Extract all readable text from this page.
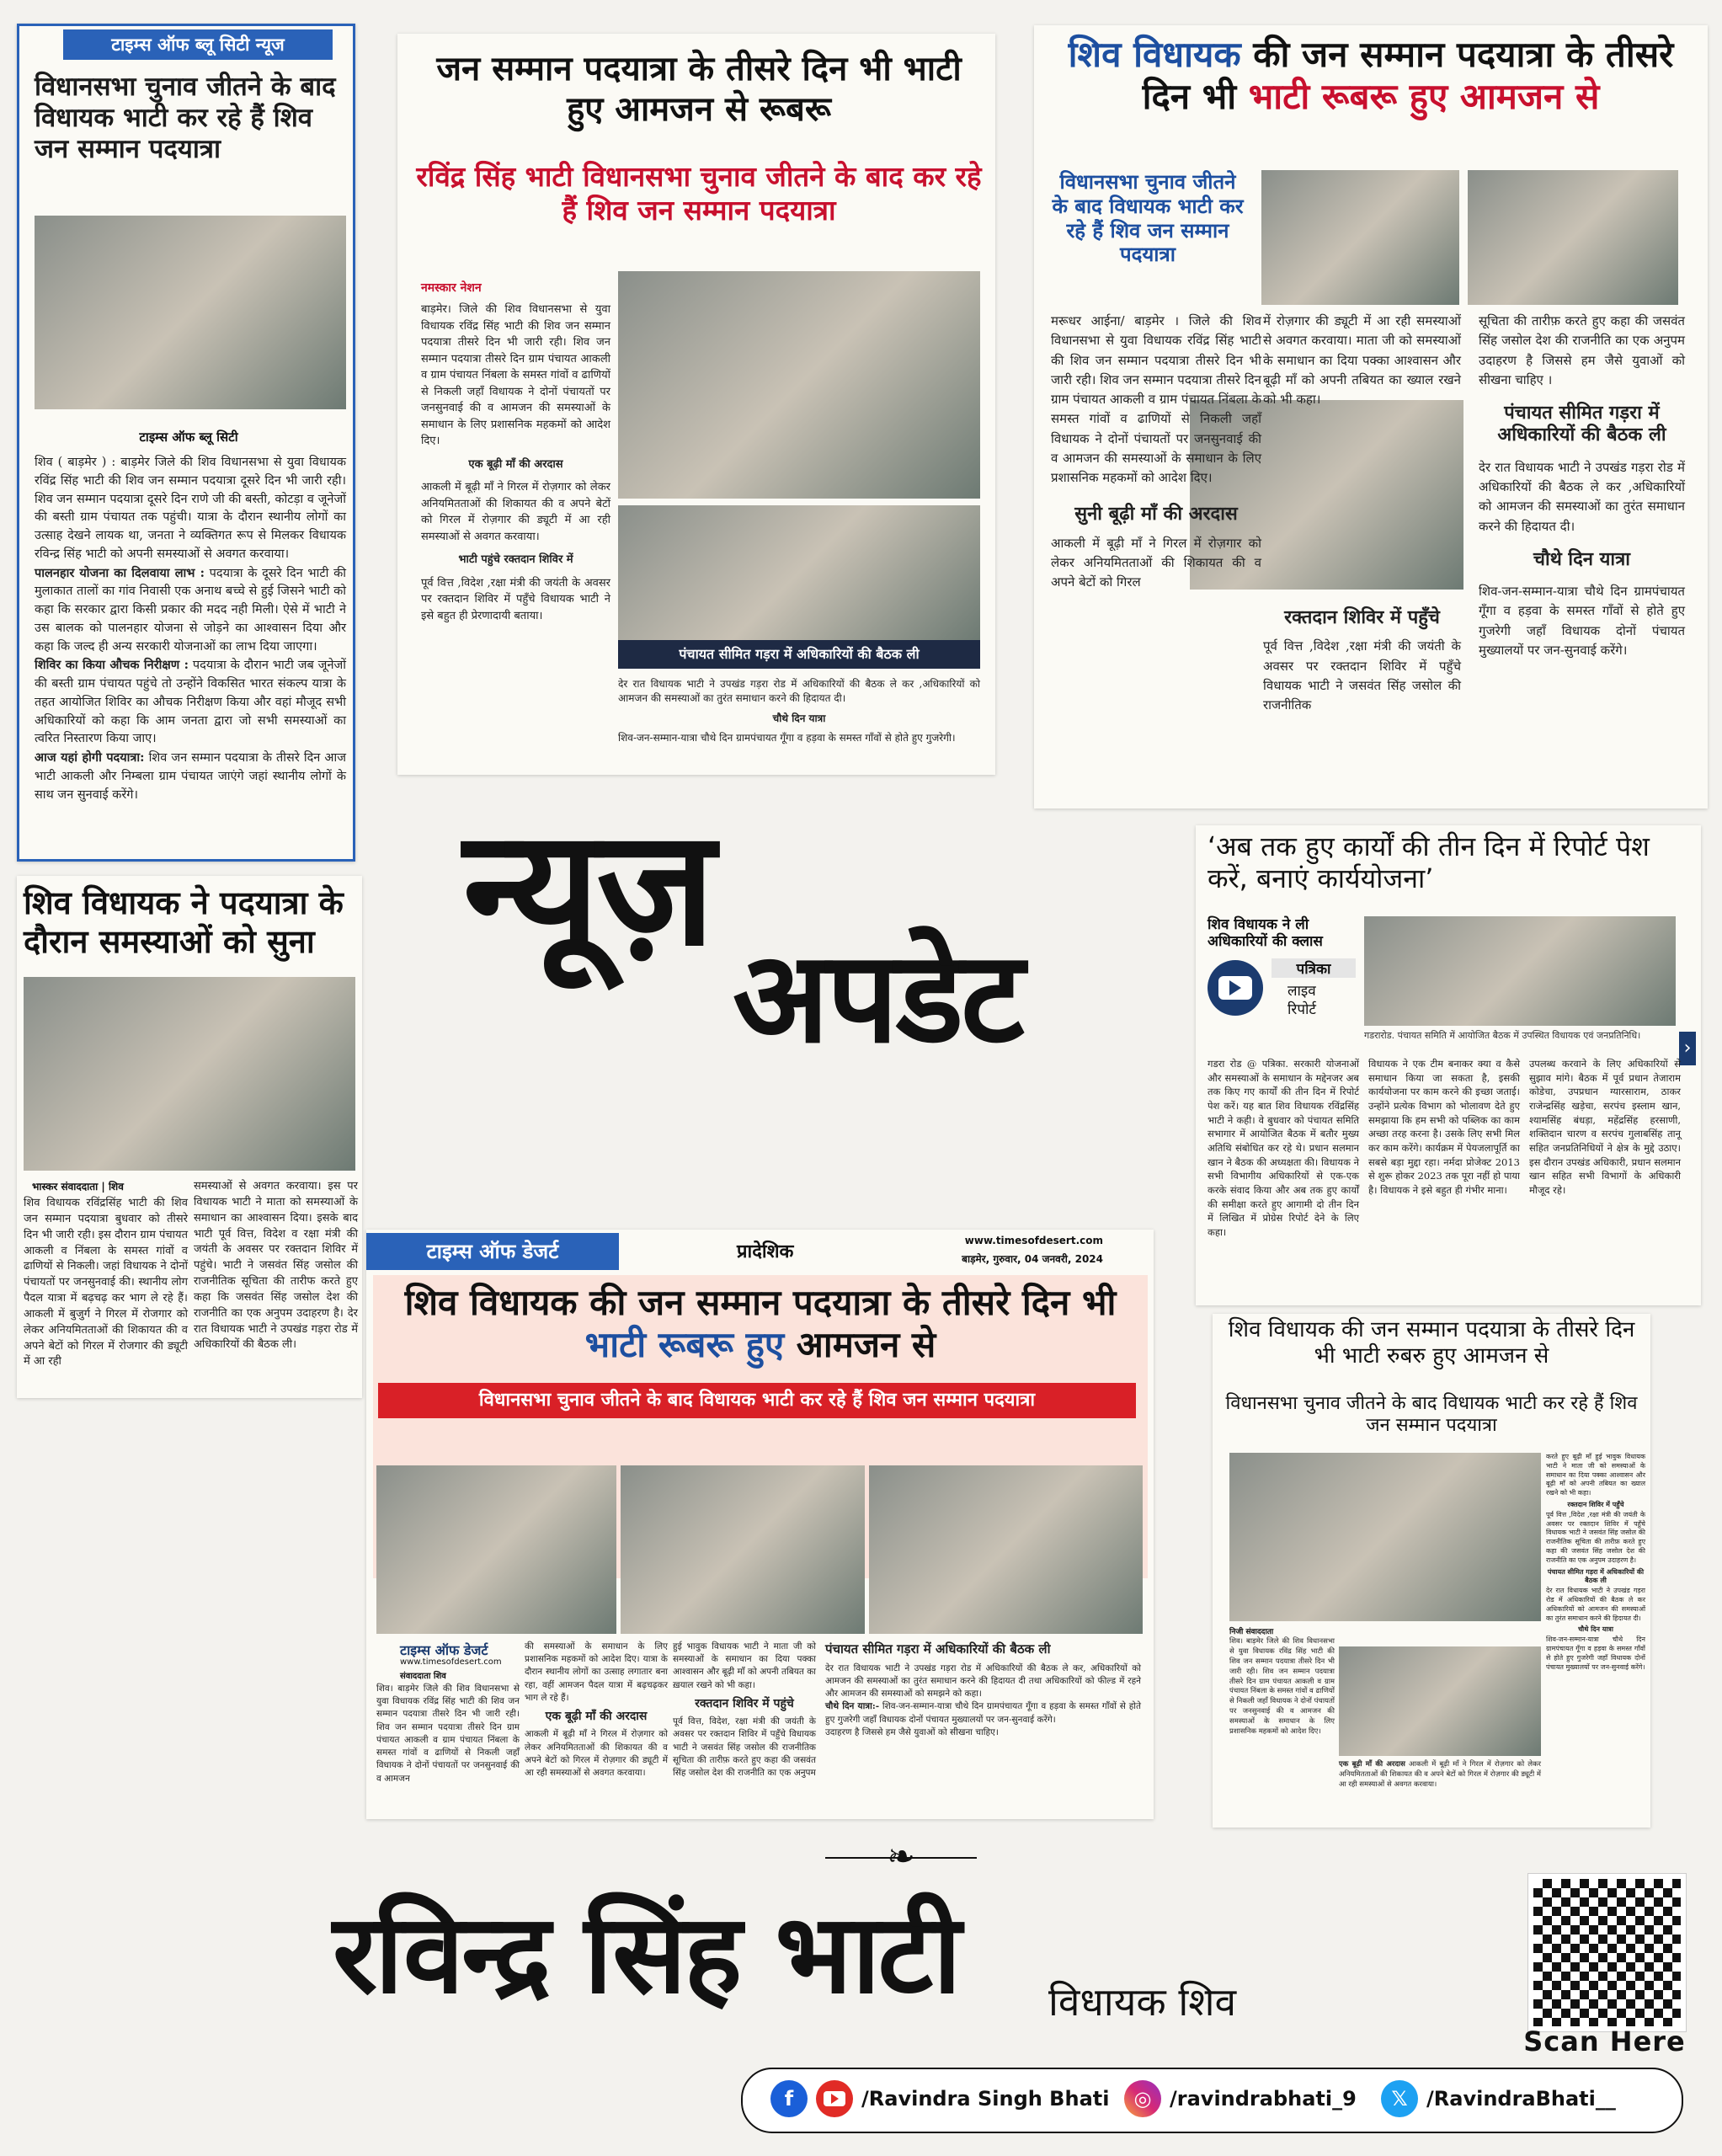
टाइम्स ऑफ ब्लू सिटी न्यूज
विधानसभा चुनाव जीतने के बाद विधायक भाटी कर रहे हैं शिव जन सम्मान पदयात्रा
टाइम्स ऑफ ब्लू सिटी
शिव ( बाड़मेर ) : बाड़मेर जिले की शिव विधानसभा से युवा विधायक रविंद्र सिंह भाटी की शिव जन सम्मान पदयात्रा दूसरे दिन भी जारी रही। शिव जन सम्मान पदयात्रा दूसरे दिन राणे जी की बस्ती, कोटड़ा व जूनेजों की बस्ती ग्राम पंचायत तक पहुंची। यात्रा के दौरान स्थानीय लोगों का उत्साह देखने लायक था, जनता ने व्यक्तिगत रूप से मिलकर विधायक रविन्द्र सिंह भाटी को अपनी समस्याओं से अवगत करवाया।
पालनहार योजना का दिलवाया लाभ : पदयात्रा के दूसरे दिन भाटी की मुलाकात तालों का गांव निवासी एक अनाथ बच्चे से हुई जिसने भाटी को कहा कि सरकार द्वारा किसी प्रकार की मदद नही मिली। ऐसे में भाटी ने उस बालक को पालनहार योजना से जोड़ने का आश्वासन दिया और कहा कि जल्द ही अन्य सरकारी योजनाओं का लाभ दिया जाएगा।
शिविर का किया औचक निरीक्षण : पदयात्रा के दौरान भाटी जब जूनेजों की बस्ती ग्राम पंचायत पहुंचे तो उन्होंने विकसित भारत संकल्प यात्रा के तहत आयोजित शिविर का औचक निरीक्षण किया और वहां मौजूद सभी अधिकारियों को कहा कि आम जनता द्वारा जो सभी समस्याओं का त्वरित निस्तारण किया जाए।
आज यहां होगी पदयात्रा: शिव जन सम्मान पदयात्रा के तीसरे दिन आज भाटी आकली और निम्बला ग्राम पंचायत जाएंगे जहां स्थानीय लोगों के साथ जन सुनवाई करेंगे।
जन सम्मान पदयात्रा के तीसरे दिन भी भाटी हुए आमजन से रूबरू
रविंद्र सिंह भाटी विधानसभा चुनाव जीतने के बाद कर रहे हैं शिव जन सम्मान पदयात्रा
नमस्कार नेशन
बाड़मेर। जिले की शिव विधानसभा से युवा विधायक रविंद्र सिंह भाटी की शिव जन सम्मान पदयात्रा तीसरे दिन भी जारी रही। शिव जन सम्मान पदयात्रा तीसरे दिन ग्राम पंचायत आकली व ग्राम पंचायत निंबला के समस्त गांवों व ढाणियों से निकली जहाँ विधायक ने दोनों पंचायतों पर जनसुनवाई की व आमजन की समस्याओं के समाधान के लिए प्रशासनिक महकमों को आदेश दिए।
एक बूढ़ी माँ की अरदास
आकली में बूढ़ी माँ ने गिरल में रोज़गार को लेकर अनियमितताओं की शिकायत की व अपने बेटों को गिरल में रोज़गार की ड्यूटी में आ रही समस्याओं से अवगत करवाया।
भाटी पहुंचे रक्तदान शिविर में
पूर्व वित्त ,विदेश ,रक्षा मंत्री की जयंती के अवसर पर रक्तदान शिविर में पहुँचे विधायक भाटी ने इसे बहुत ही प्रेरणादायी बताया।
पंचायत सीमित गड़रा में अधिकारियों की बैठक ली
देर रात विधायक भाटी ने उपखंड गड़रा रोड में अधिकारियों की बैठक ले कर ,अधिकारियों को आमजन की समस्याओं का तुरंत समाधान करने की हिदायत दी।
चौथे दिन यात्रा
शिव-जन-सम्मान-यात्रा चौथे दिन ग्रामपंचायत गूँगा व हड़वा के समस्त गाँवों से होते हुए गुजरेगी।
शिव विधायक की जन सम्मान पदयात्रा के तीसरे दिन भी भाटी रूबरू हुए आमजन से
विधानसभा चुनाव जीतने के बाद विधायक भाटी कर रहे हैं शिव जन सम्मान पदयात्रा
मरूधर आईना/ बाड़मेर । जिले की शिव विधानसभा से युवा विधायक रविंद्र सिंह भाटी की शिव जन सम्मान पदयात्रा तीसरे दिन भी जारी रही। शिव जन सम्मान पदयात्रा तीसरे दिन ग्राम पंचायत आकली व ग्राम पंचायत निंबला के समस्त गांवों व ढाणियों से निकली जहाँ विधायक ने दोनों पंचायतों पर जनसुनवाई की व आमजन की समस्याओं के समाधान के लिए प्रशासनिक महकमों को आदेश दिए।
सुनी बूढ़ी माँ की अरदास
आकली में बूढ़ी माँ ने गिरल में रोज़गार को लेकर अनियमितताओं की शिकायत की व अपने बेटों को गिरल
में रोज़गार की ड्यूटी में आ रही समस्याओं से अवगत करवाया। माता जी को समस्याओं के समाधान का दिया पक्का आश्वासन और बूढ़ी माँ को अपनी तबियत का ख्याल रखने को भी कहा।
रक्तदान शिविर में पहुँचे
पूर्व वित्त ,विदेश ,रक्षा मंत्री की जयंती के अवसर पर रक्तदान शिविर में पहुँचे विधायक भाटी ने जसवंत सिंह जसोल की राजनीतिक
सूचिता की तारीफ़ करते हुए कहा की जसवंत सिंह जसोल देश की राजनीति का एक अनुपम उदाहरण है जिससे हम जैसे युवाओं को सीखना चाहिए ।
पंचायत सीमित गड़रा में अधिकारियों की बैठक ली
देर रात विधायक भाटी ने उपखंड गड़रा रोड में अधिकारियों की बैठक ले कर ,अधिकारियों को आमजन की समस्याओं का तुरंत समाधान करने की हिदायत दी।
चौथे दिन यात्रा
शिव-जन-सम्मान-यात्रा चौथे दिन ग्रामपंचायत गूँगा व हड़वा के समस्त गाँवों से होते हुए गुजरेगी जहाँ विधायक दोनों पंचायत मुख्यालयों पर जन-सुनवाई करेंगे।
शिव विधायक ने पदयात्रा के दौरान समस्याओं को सुना
भास्कर संवाददाता | शिव
शिव विधायक रविंद्रसिंह भाटी की शिव जन सम्मान पदयात्रा बुधवार को तीसरे दिन भी जारी रही। इस दौरान ग्राम पंचायत आकली व निंबला के समस्त गांवों व ढाणियों से निकली। जहां विधायक ने दोनों पंचायतों पर जनसुनवाई की। स्थानीय लोग पैदल यात्रा में बढ़चढ़ कर भाग ले रहे हैं। आकली में बुजुर्ग ने गिरल में रोजगार को लेकर अनियमितताओं की शिकायत की व अपने बेटों को गिरल में रोजगार की ड्यूटी में आ रही
समस्याओं से अवगत करवाया। इस पर विधायक भाटी ने माता को समस्याओं के समाधान का आश्वासन दिया। इसके बाद भाटी पूर्व वित्त, विदेश व रक्षा मंत्री की जयंती के अवसर पर रक्तदान शिविर में पहुंचे। भाटी ने जसवंत सिंह जसोल की राजनीतिक सूचिता की तारीफ करते हुए कहा कि जसवंत सिंह जसोल देश की राजनीति का एक अनुपम उदाहरण है। देर रात विधायक भाटी ने उपखंड गड़रा रोड में अधिकारियों की बैठक ली।
न्यूज़
अपडेट
‘अब तक हुए कार्यों की तीन दिन में रिपोर्ट पेश करें, बनाएं कार्ययोजना’
शिव विधायक ने ली अधिकारियों की क्लास
पत्रिका
लाइव
रिपोर्ट
›
गडरारोड. पंचायत समिति में आयोजित बैठक में उपस्थित विधायक एवं जनप्रतिनिधि।
गडरा रोड @ पत्रिका. सरकारी योजनाओं और समस्याओं के समाधान के मद्देनजर अब तक किए गए कार्यों की तीन दिन में रिपोर्ट पेश करें। यह बात शिव विधायक रविंद्रसिंह भाटी ने कही। वे बुधवार को पंचायत समिति सभागार में आयोजित बैठक में बतौर मुख्य अतिथि संबोधित कर रहे थे। प्रधान सलमान खान ने बैठक की अध्यक्षता की। विधायक ने सभी विभागीय अधिकारियों से एक-एक करके संवाद किया और अब तक हुए कार्यों की समीक्षा करते हुए आगामी दो तीन दिन में लिखित में प्रोग्रेस रिपोर्ट देने के लिए कहा।
विधायक ने एक टीम बनाकर क्या व कैसे समाधान किया जा सकता है, इसकी कार्ययोजना पर काम करने की इच्छा जताई। उन्होंने प्रत्येक विभाग को भोलावण देते हुए समझाया कि हम सभी को पब्लिक का काम अच्छा तरह करना है। उसके लिए सभी मिल कर काम करेंगे। कार्यक्रम में पेयजलापूर्ति का सबसे बड़ा मुद्दा रहा। नर्मदा प्रोजेक्ट 2013 से शुरू होकर 2023 तक पूरा नहीं हो पाया है। विधायक ने इसे बहुत ही गंभीर माना।
उपलब्ध करवाने के लिए अधिकारियों से सुझाव मांगे। बैठक में पूर्व प्रधान तेजाराम कोडेचा, उपप्रधान ग्यारसाराम, ठाकर राजेन्द्रसिंह खड़ेचा, सरपंच इस्लाम खान, श्यामसिंह बंधड़ा, महेंद्रसिंह हरसाणी, शक्तिदान चारण व सरपंच गुलाबसिंह तानू सहित जनप्रतिनिधियों ने क्षेत्र के मुद्दे उठाए। इस दौरान उपखंड अधिकारी, प्रधान सलमान खान सहित सभी विभागों के अधिकारी मौजूद रहे।
टाइम्स ऑफ डेजर्ट	प्रादेशिक
www.timesofdesert.com
बाड़मेर, गुरुवार, 04 जनवरी, 2024
शिव विधायक की जन सम्मान पदयात्रा के तीसरे दिन भी भाटी रूबरू हुए आमजन से
विधानसभा चुनाव जीतने के बाद विधायक भाटी कर रहे हैं शिव जन सम्मान पदयात्रा
टाइम्स ऑफ डेजर्ट
www.timesofdesert.com
संवाददाता शिव
शिव। बाड़मेर जिले की शिव विधानसभा से युवा विधायक रविंद्र सिंह भाटी की शिव जन सम्मान पदयात्रा तीसरे दिन भी जारी रही। शिव जन सम्मान पदयात्रा तीसरे दिन ग्राम पंचायत आकली व ग्राम पंचायत निंबला के समस्त गांवों व ढाणियों से निकली जहाँ विधायक ने दोनों पंचायतों पर जनसुनवाई की व आमजन
की समस्याओं के समाधान के लिए प्रशासनिक महकमों को आदेश दिए। यात्रा के दौरान स्थानीय लोगों का उत्साह लगातार बना रहा, वहीं आमजन पैदल यात्रा में बढ़चढ़कर भाग ले रहे हैं।
एक बूढ़ी माँ की अरदास
आकली में बूढ़ी माँ ने गिरल में रोज़गार को लेकर अनियमितताओं की शिकायत की व अपने बेटों को गिरल में रोज़गार की ड्यूटी में आ रही समस्याओं से अवगत करवाया।
हुई भावुक विधायक भाटी ने माता जी को समस्याओं के समाधान का दिया पक्का आश्वासन और बूढ़ी माँ को अपनी तबियत का ख़याल रखने को भी कहा।
रक्तदान शिविर में पहुंचे
पूर्व वित्त, विदेश, रक्षा मंत्री की जयंती के अवसर पर रक्तदान शिविर में पहुँचे विधायक भाटी ने जसवंत सिंह जसोल की राजनीतिक सूचिता की तारीफ़ करते हुए कहा की जसवंत सिंह जसोल देश की राजनीति का एक अनुपम
पंचायत सीमित गड़रा में अधिकारियों की बैठक ली
देर रात विधायक भाटी ने उपखंड गड़रा रोड में अधिकारियों की बैठक ले कर, अधिकारियों को आमजन की समस्याओं का तुरंत समाधान करने की हिदायत दी तथा अधिकारियों को फील्ड में रहने और आमजन की समस्याओं को समझने को कहा।
चौथे दिन यात्रा:- शिव-जन-सम्मान-यात्रा चौथे दिन ग्रामपंचायत गूँगा व हड़वा के समस्त गाँवों से होते हुए गुजरेगी जहाँ विधायक दोनों पंचायत मुख्यालयों पर जन-सुनवाई करेंगे।
उदाहरण है जिससे हम जैसे युवाओं को सीखना चाहिए।
शिव विधायक की जन सम्मान पदयात्रा के तीसरे दिन भी भाटी रुबरु हुए आमजन से
विधानसभा चुनाव जीतने के बाद विधायक भाटी कर रहे हैं शिव जन सम्मान पदयात्रा
निजी संवाददाता
शिव। बाड़मेर जिले की शिव विधानसभा से युवा विधायक रविंद्र सिंह भाटी की शिव जन सम्मान पदयात्रा तीसरे दिन भी जारी रही। शिव जन सम्मान पदयात्रा तीसरे दिन ग्राम पंचायत आकली व ग्राम पंचायत निंबला के समस्त गांवों व ढाणियों से निकली जहाँ विधायक ने दोनों पंचायतों पर जनसुनवाई की व आमजन की समस्याओं के समाधान के लिए प्रशासनिक महकमों को आदेश दिए।
एक बूढ़ी माँ की अरदास आकली में बूढ़ी माँ ने गिरल में रोज़गार को लेकर अनियमितताओं की शिकायत की व अपने बेटों को गिरल में रोज़गार की ड्यूटी में आ रही समस्याओं से अवगत करवाया।
करते हुए बूढ़ी माँ हुई भावुक विधायक भाटी ने माता जी को समस्याओं के समाधान का दिया पक्का आश्वासन और बूढ़ी माँ को अपनी तबियत का ख्याल रखने को भी कहा।
रक्तदान शिविर में पहुँचे
पूर्व वित्त ,विदेश ,रक्षा मंत्री की जयंती के अवसर पर रक्तदान शिविर में पहुँचे विधायक भाटी ने जसवंत सिंह जसोल की राजनीतिक सूचिता की तारीफ़ करते हुए कहा की जसवंत सिंह जसोल देश की राजनीति का एक अनुपम उदाहरण है।
पंचायत सीमित गड़रा में अधिकारियों की बैठक ली
देर रात विधायक भाटी ने उपखंड गड़रा रोड में अधिकारियों की बैठक ले कर अधिकारियों को आमजन की समस्याओं का तुरंत समाधान करने की हिदायत दी।
चौथे दिन यात्रा
शिव-जन-सम्मान-यात्रा चौथे दिन ग्रामपंचायत गूँगा व हड़वा के समस्त गाँवों से होते हुए गुजरेगी जहाँ विधायक दोनों पंचायत मुख्यालयों पर जन-सुनवाई करेंगे।
❧
रविन्द्र सिंह भाटी विधायक शिव
Scan Here
f	/Ravindra Singh Bhati	◎ /ravindrabhati_9	𝕏 /RavindraBhati__
